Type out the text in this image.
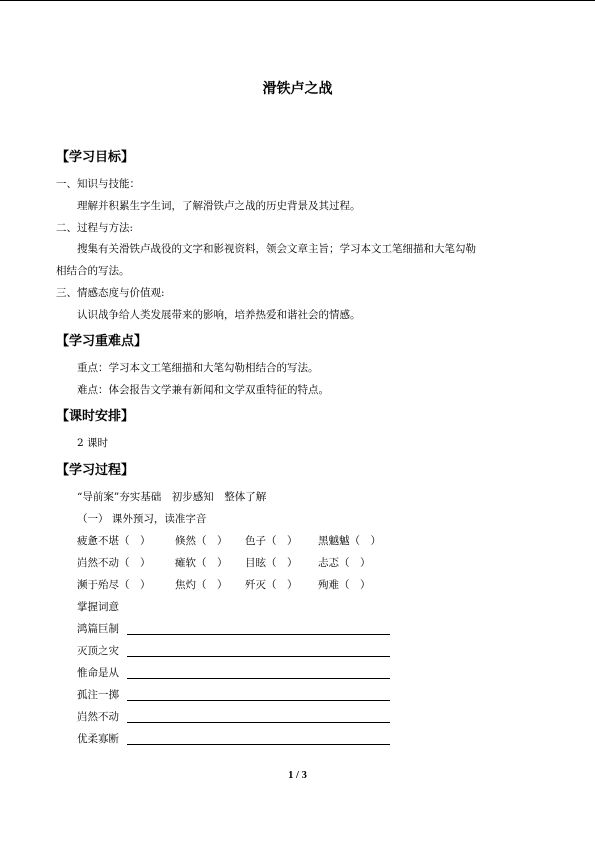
滑铁卢之战
【学习目标】
一、知识与技能：
理解并积累生字生词，了解滑铁卢之战的历史背景及其过程。
二、过程与方法:
搜集有关滑铁卢战役的文字和影视资料，领会文章主旨；学习本文工笔细描和大笔勾勒
相结合的写法。
三、情感态度与价值观:
认识战争给人类发展带来的影响，培养热爱和谐社会的情感。
【学习重难点】
重点：学习本文工笔细描和大笔勾勒相结合的写法。
难点：体会报告文学兼有新闻和文学双重特征的特点。
【课时安排】
2 课时
【学习过程】
“导前案”夯实基础　初步感知　整体了解
（一） 课外预习，读准字音
疲惫不堪（　） 倏然（　） 色子（　） 黑魆魆（　）
岿然不动（　） 瘫软（　） 目眩（　） 忐忑（　）
濒于殆尽（　） 焦灼（　） 歼灭（　） 殉难（　）
掌握词意
鸿篇巨制
灭顶之灾
惟命是从
孤注一掷
岿然不动
优柔寡断
1 / 3
